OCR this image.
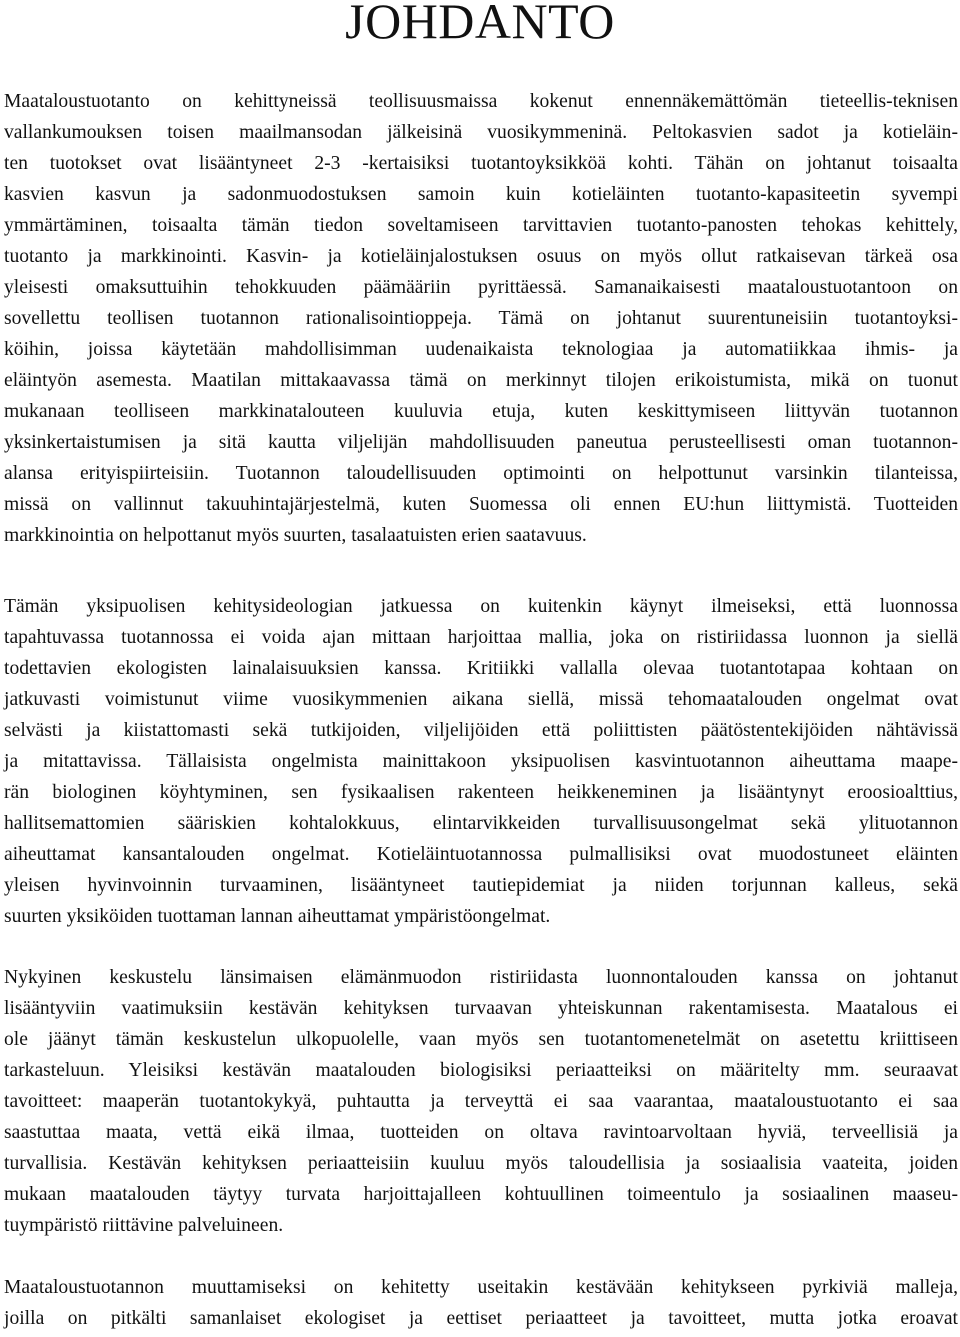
JOHDANTO
Maataloustuotanto on kehittyneissä teollisuusmaissa kokenut ennennäkemättömän tieteellis-teknisen
vallankumouksen toisen maailmansodan jälkeisinä vuosikymmeninä. Peltokasvien sadot ja kotieläin-
ten tuotokset ovat lisääntyneet 2-3 -kertaisiksi tuotantoyksikköä kohti. Tähän on johtanut toisaalta
kasvien kasvun ja sadonmuodostuksen samoin kuin kotieläinten tuotanto-kapasiteetin syvempi
ymmärtäminen, toisaalta tämän tiedon soveltamiseen tarvittavien tuotanto-panosten tehokas kehittely,
tuotanto ja markkinointi. Kasvin- ja kotieläinjalostuksen osuus on myös ollut ratkaisevan tärkeä osa
yleisesti omaksuttuihin tehokkuuden päämääriin pyrittäessä. Samanaikaisesti maataloustuotantoon on
sovellettu teollisen tuotannon rationalisointioppeja. Tämä on johtanut suurentuneisiin tuotantoyksi-
köihin, joissa käytetään mahdollisimman uudenaikaista teknologiaa ja automatiikkaa ihmis- ja
eläintyön asemesta. Maatilan mittakaavassa tämä on merkinnyt tilojen erikoistumista, mikä on tuonut
mukanaan teolliseen markkinatalouteen kuuluvia etuja, kuten keskittymiseen liittyvän tuotannon
yksinkertaistumisen ja sitä kautta viljelijän mahdollisuuden paneutua perusteellisesti oman tuotannon-
alansa erityispiirteisiin. Tuotannon taloudellisuuden optimointi on helpottunut varsinkin tilanteissa,
missä on vallinnut takuuhintajärjestelmä, kuten Suomessa oli ennen EU:hun liittymistä. Tuotteiden
markkinointia on helpottanut myös suurten, tasalaatuisten erien saatavuus.
Tämän yksipuolisen kehitysideologian jatkuessa on kuitenkin käynyt ilmeiseksi, että luonnossa
tapahtuvassa tuotannossa ei voida ajan mittaan harjoittaa mallia, joka on ristiriidassa luonnon ja siellä
todettavien ekologisten lainalaisuuksien kanssa. Kritiikki vallalla olevaa tuotantotapaa kohtaan on
jatkuvasti voimistunut viime vuosikymmenien aikana siellä, missä tehomaatalouden ongelmat ovat
selvästi ja kiistattomasti sekä tutkijoiden, viljelijöiden että poliittisten päätöstentekijöiden nähtävissä
ja mitattavissa. Tällaisista ongelmista mainittakoon yksipuolisen kasvintuotannon aiheuttama maape-
rän biologinen köyhtyminen, sen fysikaalisen rakenteen heikkeneminen ja lisääntynyt eroosioalttius,
hallitsemattomien sääriskien kohtalokkuus, elintarvikkeiden turvallisuusongelmat sekä ylituotannon
aiheuttamat kansantalouden ongelmat. Kotieläintuotannossa pulmallisiksi ovat muodostuneet eläinten
yleisen hyvinvoinnin turvaaminen, lisääntyneet tautiepidemiat ja niiden torjunnan kalleus, sekä
suurten yksiköiden tuottaman lannan aiheuttamat ympäristöongelmat.
Nykyinen keskustelu länsimaisen elämänmuodon ristiriidasta luonnontalouden kanssa on johtanut
lisääntyviin vaatimuksiin kestävän kehityksen turvaavan yhteiskunnan rakentamisesta. Maatalous ei
ole jäänyt tämän keskustelun ulkopuolelle, vaan myös sen tuotantomenetelmät on asetettu kriittiseen
tarkasteluun. Yleisiksi kestävän maatalouden biologisiksi periaatteiksi on määritelty mm. seuraavat
tavoitteet: maaperän tuotantokykyä, puhtautta ja terveyttä ei saa vaarantaa, maataloustuotanto ei saa
saastuttaa maata, vettä eikä ilmaa, tuotteiden on oltava ravintoarvoltaan hyviä, terveellisiä ja
turvallisia. Kestävän kehityksen periaatteisiin kuuluu myös taloudellisia ja sosiaalisia vaateita, joiden
mukaan maatalouden täytyy turvata harjoittajalleen kohtuullinen toimeentulo ja sosiaalinen maaseu-
tuympäristö riittävine palveluineen.
Maataloustuotannon muuttamiseksi on kehitetty useitakin kestävään kehitykseen pyrkiviä malleja,
joilla on pitkälti samanlaiset ekologiset ja eettiset periaatteet ja tavoitteet, mutta jotka eroavat
